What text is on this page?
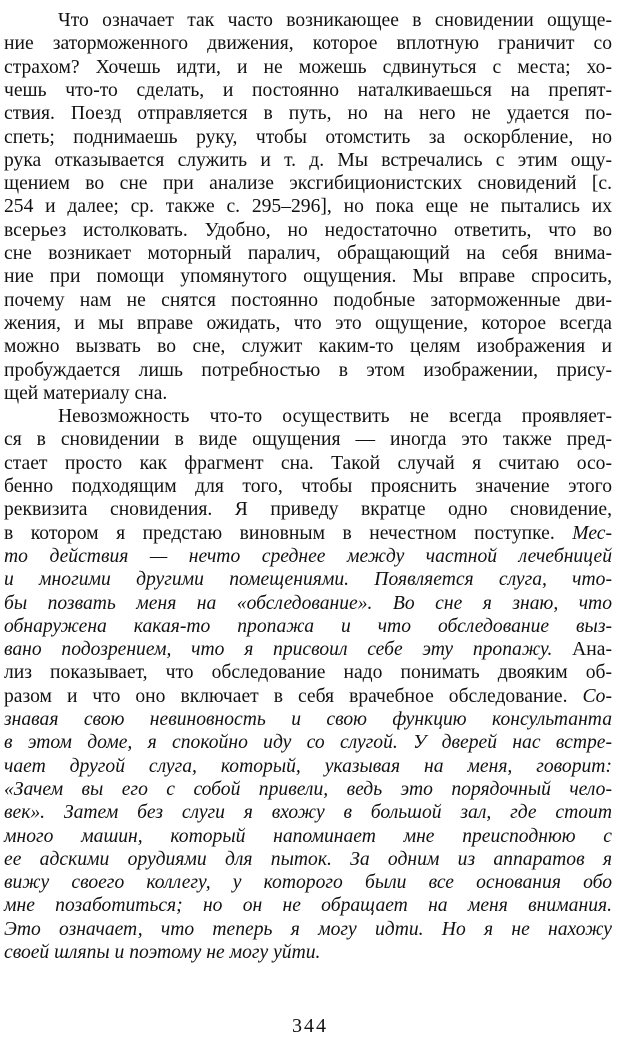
Что означает так часто возникающее в сновидении ощуще-
ние заторможенного движения, которое вплотную граничит со
страхом? Хочешь идти, и не можешь сдвинуться с места; хо-
чешь что-то сделать, и постоянно наталкиваешься на препят-
ствия. Поезд отправляется в путь, но на него не удается по-
спеть; поднимаешь руку, чтобы отомстить за оскорбление, но
рука отказывается служить и т. д. Мы встречались с этим ощу-
щением во сне при анализе эксгибиционистских сновидений [с.
254 и далее; ср. также с. 295–296], но пока еще не пытались их
всерьез истолковать. Удобно, но недостаточно ответить, что во
сне возникает моторный паралич, обращающий на себя внима-
ние при помощи упомянутого ощущения. Мы вправе спросить,
почему нам не снятся постоянно подобные заторможенные дви-
жения, и мы вправе ожидать, что это ощущение, которое всегда
можно вызвать во сне, служит каким-то целям изображения и
пробуждается лишь потребностью в этом изображении, прису-
щей материалу сна.
Невозможность что-то осуществить не всегда проявляет-
ся в сновидении в виде ощущения — иногда это также пред-
стает просто как фрагмент сна. Такой случай я считаю осо-
бенно подходящим для того, чтобы прояснить значение этого
реквизита сновидения. Я приведу вкратце одно сновидение,
в котором я предстаю виновным в нечестном поступке. Мес-
то действия — нечто среднее между частной лечебницей
и многими другими помещениями. Появляется слуга, что-
бы позвать меня на «обследование». Во сне я знаю, что
обнаружена какая-то пропажа и что обследование выз-
вано подозрением, что я присвоил себе эту пропажу. Ана-
лиз показывает, что обследование надо понимать двояким об-
разом и что оно включает в себя врачебное обследование. Со-
знавая свою невиновность и свою функцию консультанта
в этом доме, я спокойно иду со слугой. У дверей нас встре-
чает другой слуга, который, указывая на меня, говорит:
«Зачем вы его с собой привели, ведь это порядочный чело-
век». Затем без слуги я вхожу в большой зал, где стоит
много машин, который напоминает мне преисподнюю с
ее адскими орудиями для пыток. За одним из аппаратов я
вижу своего коллегу, у которого были все основания обо
мне позаботиться; но он не обращает на меня внимания.
Это означает, что теперь я могу идти. Но я не нахожу
своей шляпы и поэтому не могу уйти.
344
